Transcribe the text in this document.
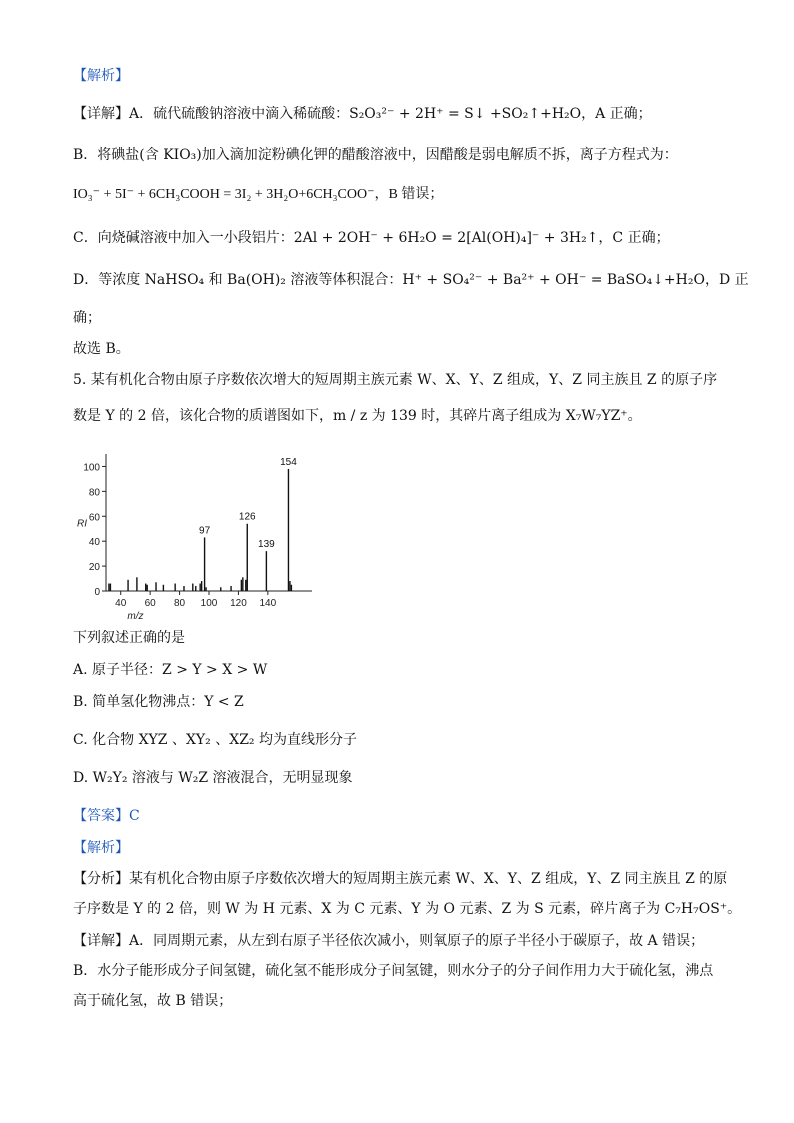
【解析】
【详解】A．硫代硫酸钠溶液中滴入稀硫酸：S₂O₃²⁻ + 2H⁺ = S↓ +SO₂↑+H₂O，A 正确；
B．将碘盐(含 KIO₃)加入滴加淀粉碘化钾的醋酸溶液中，因醋酸是弱电解质不拆，离子方程式为：
IO₃⁻ + 5I⁻ + 6CH₃COOH = 3I₂ + 3H₂O+6CH₃COO⁻，B 错误；
C．向烧碱溶液中加入一小段铝片：2Al + 2OH⁻ + 6H₂O = 2[Al(OH)₄]⁻ + 3H₂↑，C 正确；
D．等浓度 NaHSO₄ 和 Ba(OH)₂ 溶液等体积混合：H⁺ + SO₄²⁻ + Ba²⁺ + OH⁻ = BaSO₄↓+H₂O，D 正
确；
故选 B。
5. 某有机化合物由原子序数依次增大的短周期主族元素 W、X、Y、Z 组成，Y、Z 同主族且 Z 的原子序
数是 Y 的 2 倍，该化合物的质谱图如下，m / z 为 139 时，其碎片离子组成为 X₇W₇YZ⁺。
0
20
40
60
80
100
40 60 80 100 120 140
97
126
139
154
RI
m/z
下列叙述正确的是
A. 原子半径：Z > Y > X > W
B. 简单氢化物沸点：Y < Z
C. 化合物 XYZ 、XY₂ 、XZ₂ 均为直线形分子
D. W₂Y₂ 溶液与 W₂Z 溶液混合，无明显现象
【答案】C
【解析】
【分析】某有机化合物由原子序数依次增大的短周期主族元素 W、X、Y、Z 组成，Y、Z 同主族且 Z 的原
子序数是 Y 的 2 倍，则 W 为 H 元素、X 为 C 元素、Y 为 O 元素、Z 为 S 元素，碎片离子为 C₇H₇OS⁺。
【详解】A．同周期元素，从左到右原子半径依次减小，则氧原子的原子半径小于碳原子，故 A 错误；
B．水分子能形成分子间氢键，硫化氢不能形成分子间氢键，则水分子的分子间作用力大于硫化氢，沸点
高于硫化氢，故 B 错误；
